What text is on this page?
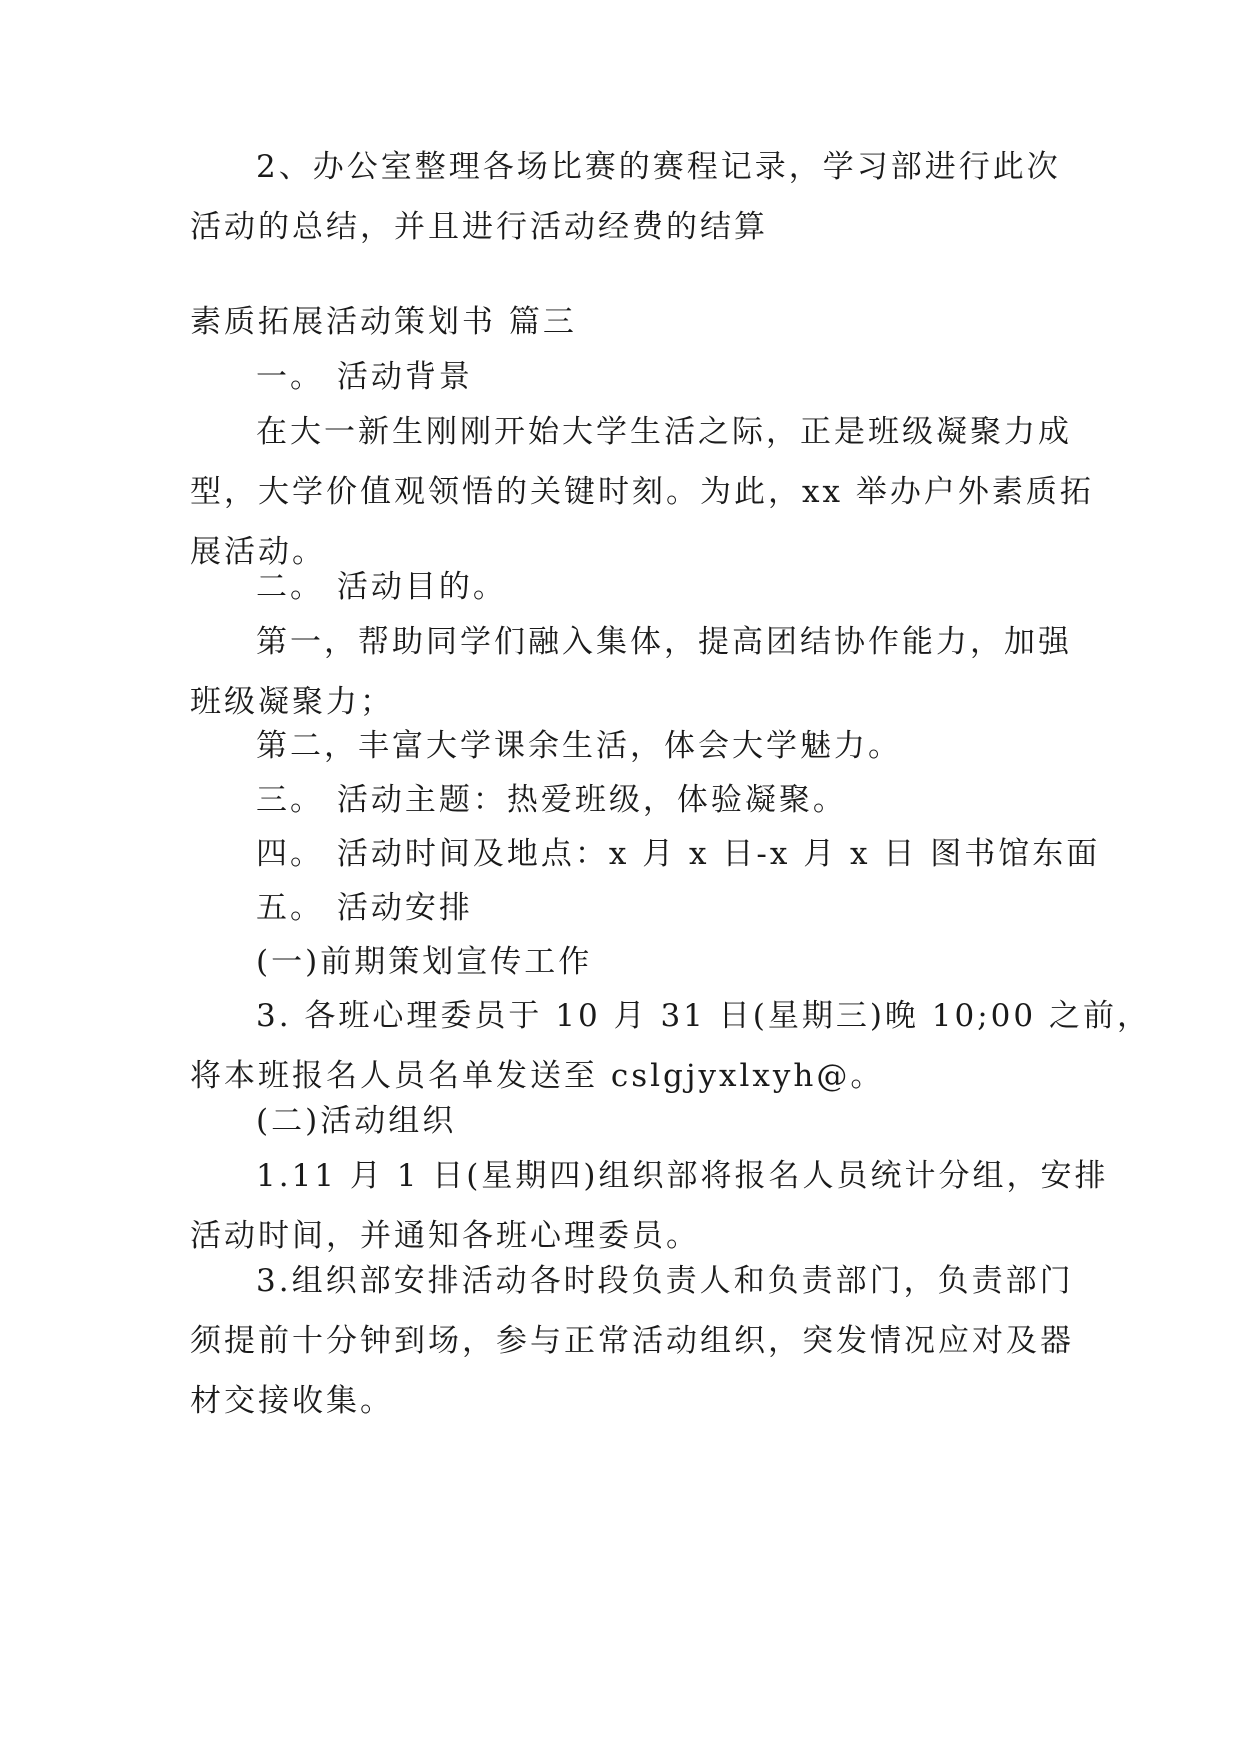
2、办公室整理各场比赛的赛程记录，学习部进行此次
活动的总结，并且进行活动经费的结算

素质拓展活动策划书 篇三

一。 活动背景

在大一新生刚刚开始大学生活之际，正是班级凝聚力成
型，大学价值观领悟的关键时刻。为此，xx 举办户外素质拓
展活动。

二。 活动目的。

第一，帮助同学们融入集体，提高团结协作能力，加强
班级凝聚力；

第二，丰富大学课余生活，体会大学魅力。

三。 活动主题：热爱班级，体验凝聚。

四。 活动时间及地点：x 月 x 日-x 月 x 日 图书馆东面

五。 活动安排

(一)前期策划宣传工作

3. 各班心理委员于 10 月 31 日(星期三)晚 10;00 之前，
将本班报名人员名单发送至 cslgjyxlxyh@。

(二)活动组织

1.11 月 1 日(星期四)组织部将报名人员统计分组，安排
活动时间，并通知各班心理委员。

3.组织部安排活动各时段负责人和负责部门，负责部门
须提前十分钟到场，参与正常活动组织，突发情况应对及器
材交接收集。
